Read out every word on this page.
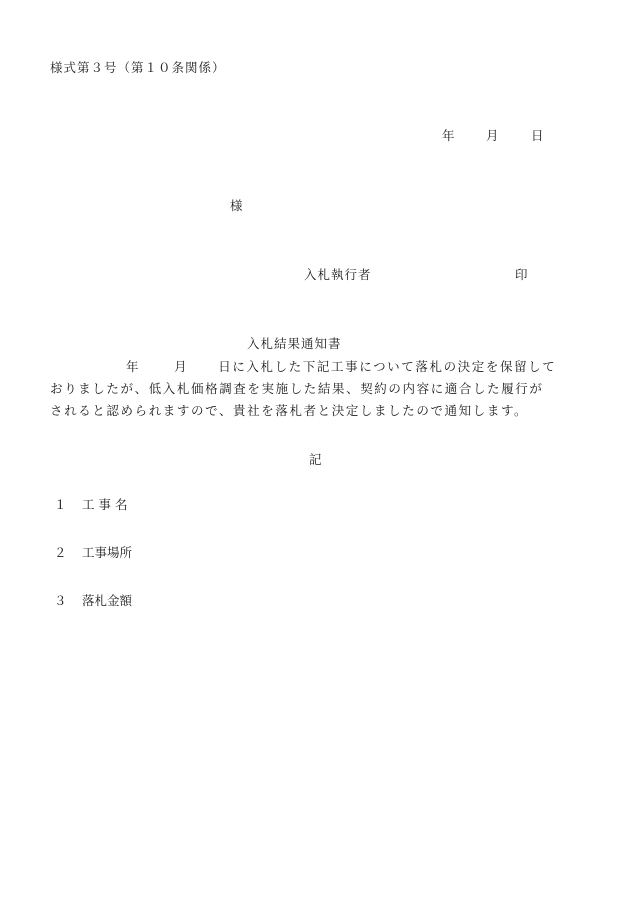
様式第３号（第１０条関係）
年	月	日
様
入札執行者	印
入札結果通知書
年	月 日に入札した下記工事について落札の決定を保留して
おりましたが、低入札価格調査を実施した結果、契約の内容に適合した履行が
されると認められますので、貴社を落札者と決定しましたので通知します。
記
１ 工 事 名
２ 工事場所
３ 落札金額
